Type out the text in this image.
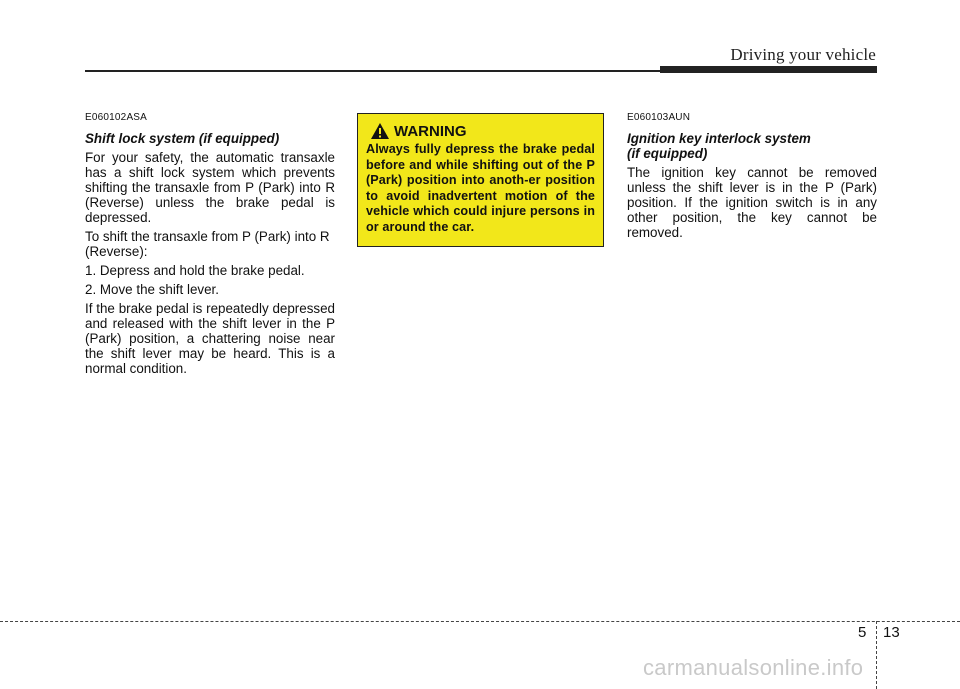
Driving your vehicle
E060102ASA
Shift lock system (if equipped)

For your safety, the automatic transaxle has a shift lock system which prevents shifting the transaxle from P (Park) into R (Reverse) unless the brake pedal is depressed.

To shift the transaxle from P (Park) into R (Reverse):

1. Depress and hold the brake pedal.

2. Move the shift lever.

If the brake pedal is repeatedly depressed and released with the shift lever in the P (Park) position, a chattering noise near the shift lever may be heard. This is a normal condition.

WARNING
Always fully depress the brake pedal before and while shifting out of the P (Park) position into anoth-er position to avoid inadvertent motion of the vehicle which could injure persons in or around the car.
E060103AUN
Ignition key interlock system
(if equipped)

The ignition key cannot be removed unless the shift lever is in the P (Park) position. If the ignition switch is in any other position, the key cannot be removed.

5 13
carmanualsonline.info
